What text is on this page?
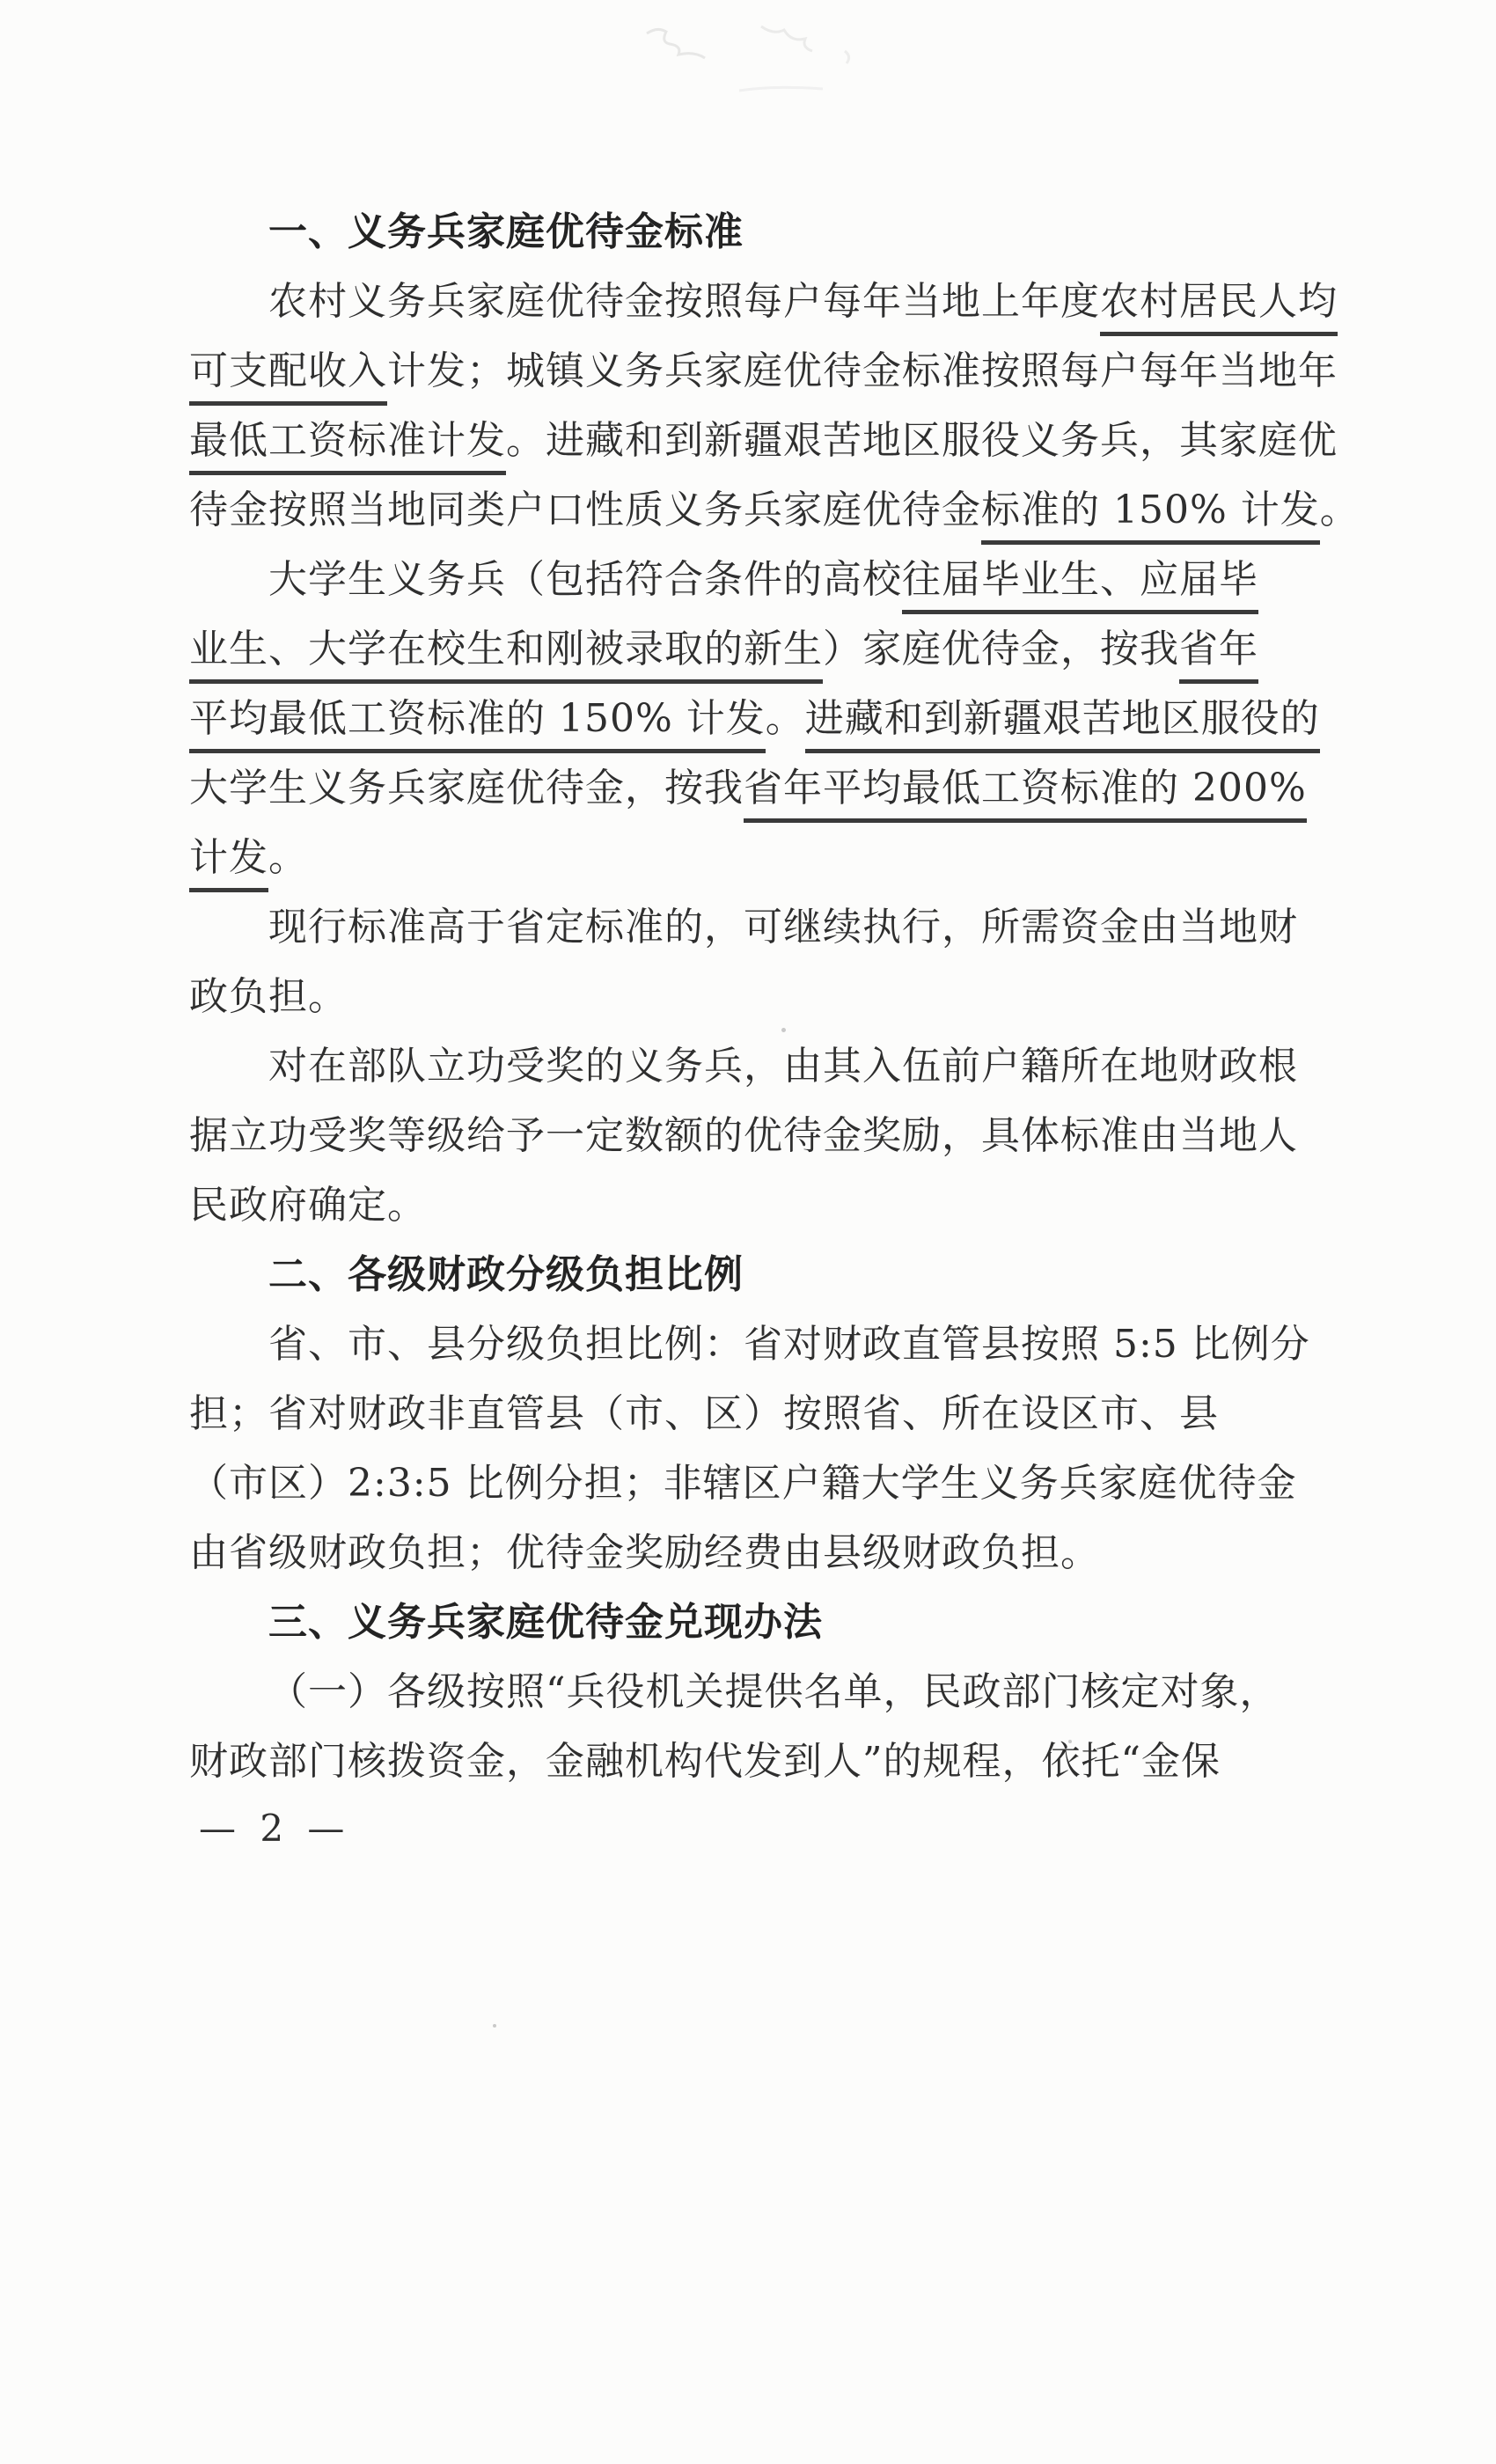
一、义务兵家庭优待金标准
农村义务兵家庭优待金按照每户每年当地上年度农村居民人均
可支配收入计发；城镇义务兵家庭优待金标准按照每户每年当地年
最低工资标准计发。进藏和到新疆艰苦地区服役义务兵，其家庭优
待金按照当地同类户口性质义务兵家庭优待金标准的 150% 计发。
大学生义务兵（包括符合条件的高校往届毕业生、应届毕
业生、大学在校生和刚被录取的新生）家庭优待金，按我省年
平均最低工资标准的 150% 计发。进藏和到新疆艰苦地区服役的
大学生义务兵家庭优待金，按我省年平均最低工资标准的 200%
计发。
现行标准高于省定标准的，可继续执行，所需资金由当地财
政负担。
对在部队立功受奖的义务兵，由其入伍前户籍所在地财政根
据立功受奖等级给予一定数额的优待金奖励，具体标准由当地人
民政府确定。
二、各级财政分级负担比例
省、市、县分级负担比例：省对财政直管县按照 5:5 比例分
担；省对财政非直管县（市、区）按照省、所在设区市、县
（市区）2:3:5 比例分担；非辖区户籍大学生义务兵家庭优待金
由省级财政负担；优待金奖励经费由县级财政负担。
三、义务兵家庭优待金兑现办法
（一）各级按照“兵役机关提供名单，民政部门核定对象，
财政部门核拨资金，金融机构代发到人”的规程，依托“金保
— 2 —
